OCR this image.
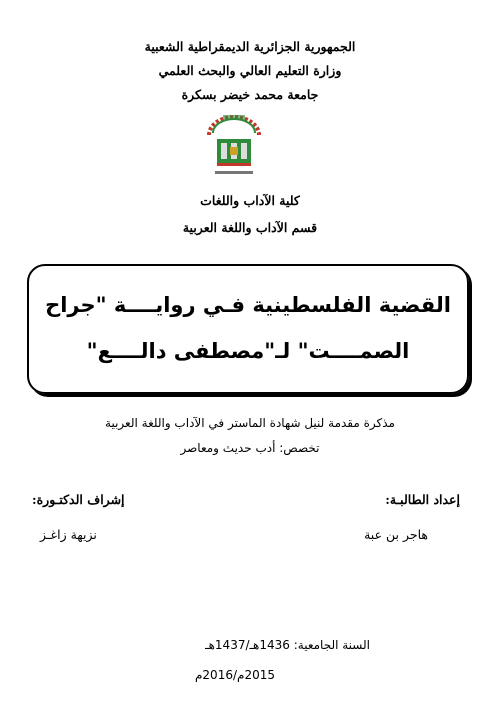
الجمهورية الجزائرية الديمقراطية الشعبية
وزارة التعليم العالي والبحث العلمي
جامعة محمد خيضر بسكرة
كلية الآداب واللغات
قسم الآداب واللغة العربية
القضية الفلسطينية فـي روايــــة "جراح
الصمــــت" لـ"مصطفى دالــــع"
مذكرة مقدمة لنيل شهادة الماستر في الآداب واللغة العربية
تخصص: أدب حديث ومعاصر
إعداد الطالبـة:
إشراف الدكتـورة:
هاجر بن عبة
نزيهة زاغـز
السنة الجامعية: 1436هـ/1437هـ
2015م/2016م
